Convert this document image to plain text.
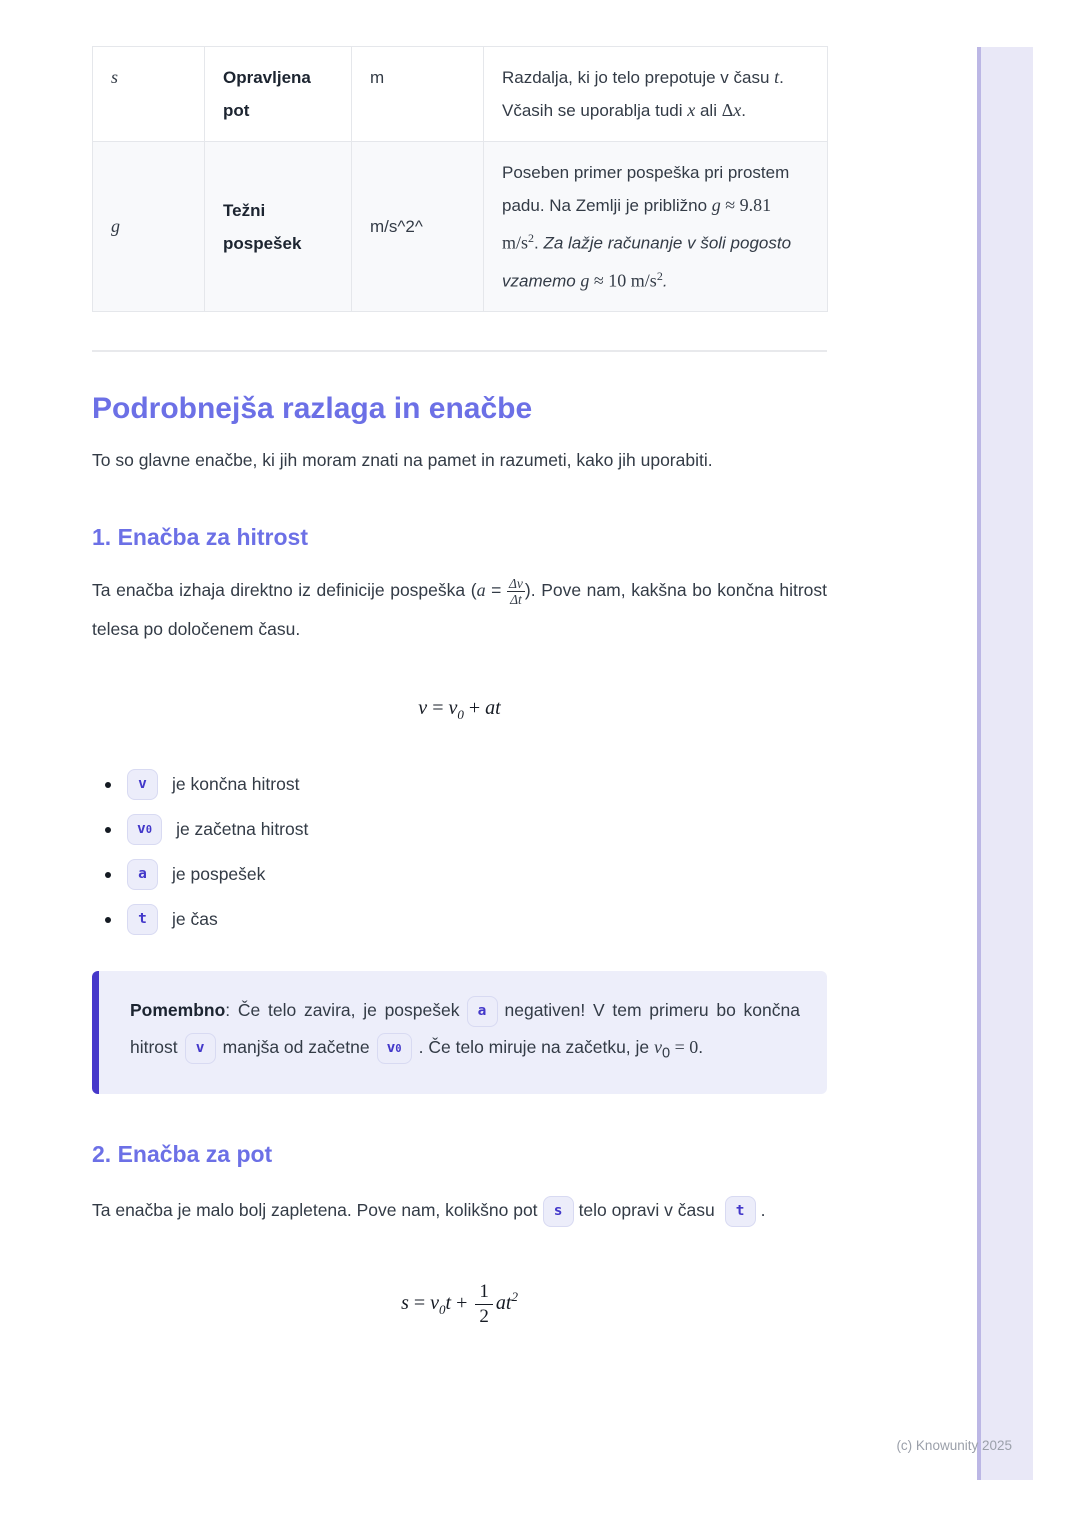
s	Opravljena pot	m	Razdalja, ki jo telo prepotuje v času t. Včasih se uporablja tudi x ali Δx.
g	Težni pospešek	m/s^2^	Poseben primer pospeška pri prostem padu. Na Zemlji je približno g ≈ 9.81 $m/s^2$. Za lažje računanje v šoli pogosto vzamemo g ≈ 10 $m/s^2$.
Podrobnejša razlaga in enačbe

To so glavne enačbe, ki jih moram znati na pamet in razumeti, kako jih uporabiti.

1. Enačba za hitrost

Ta enačba izhaja direktno iz definicije pospeška ($a = \frac{\Delta v}{\Delta t}$ ). Pove nam, kakšna bo končna hitrost telesa po določenem času.

$v = v_0$ + at
v	je končna hitrost
v0	je začetna hitrost
a	je pospešek
t	je čas
Pomembno: Če telo zavira, je pospešek a negativen! V tem primeru bo končna hitrost v manjša od začetne v0 . Če telo miruje na začetku, je $v_0 = 0$.
2. Enačba za pot

Ta enačba je malo bolj zapletena. Pove nam, kolikšno pot s telo opravi v času t .

$s = v_0t + \frac{1}{2} at^2$
(c) Knowunity 2025
